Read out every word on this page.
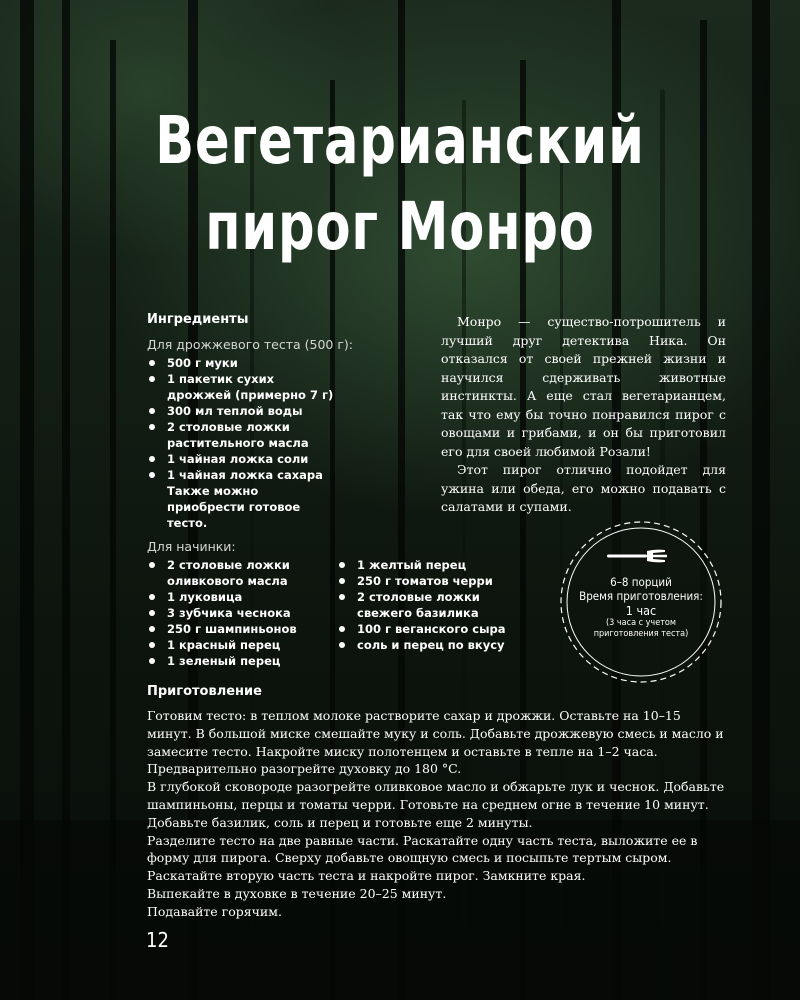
Вегетарианский
пирог Монро
Ингредиенты
Для дрожжевого теста (500 г):
500 г муки
1 пакетик сухих дрожжей (примерно 7 г)
300 мл теплой воды
2 столовые ложки растительного масла
1 чайная ложка соли
1 чайная ложка сахара Также можно приобрести готовое тесто.
Для начинки:
2 столовые ложки оливкового масла
1 луковица
3 зубчика чеснока
250 г шампиньонов
1 красный перец
1 зеленый перец
1 желтый перец
250 г томатов черри
2 столовые ложки свежего базилика
100 г веганского сыра
соль и перец по вкусу

Монро — существо-потрошитель и лучший друг детектива Ника. Он отказался от своей прежней жизни и научился сдерживать животные инстинкты. А еще стал вегетарианцем, так что ему бы точно понравился пирог с овощами и грибами, и он бы приготовил его для своей любимой Розали!

Этот пирог отлично подойдет для ужина или обеда, его можно подавать с салатами и супами.

6–8 порций
Время приготовления:
1 час
(3 часа с учетом приготовления теста)
Приготовление
Готовим тесто: в теплом молоке растворите сахар и дрожжи. Оставьте на 10–15 минут. В большой миске смешайте муку и соль. Добавьте дрожжевую смесь и масло и замесите тесто. Накройте миску полотенцем и оставьте в тепле на 1–2 часа.
Предварительно разогрейте духовку до 180 °C.
В глубокой сковороде разогрейте оливковое масло и обжарьте лук и чеснок. Добавьте шампиньоны, перцы и томаты черри. Готовьте на среднем огне в течение 10 минут. Добавьте базилик, соль и перец и готовьте еще 2 минуты.
Разделите тесто на две равные части. Раскатайте одну часть теста, выложите ее в форму для пирога. Сверху добавьте овощную смесь и посыпьте тертым сыром.
Раскатайте вторую часть теста и накройте пирог. Замкните края.
Выпекайте в духовке в течение 20–25 минут.
Подавайте горячим.
12
